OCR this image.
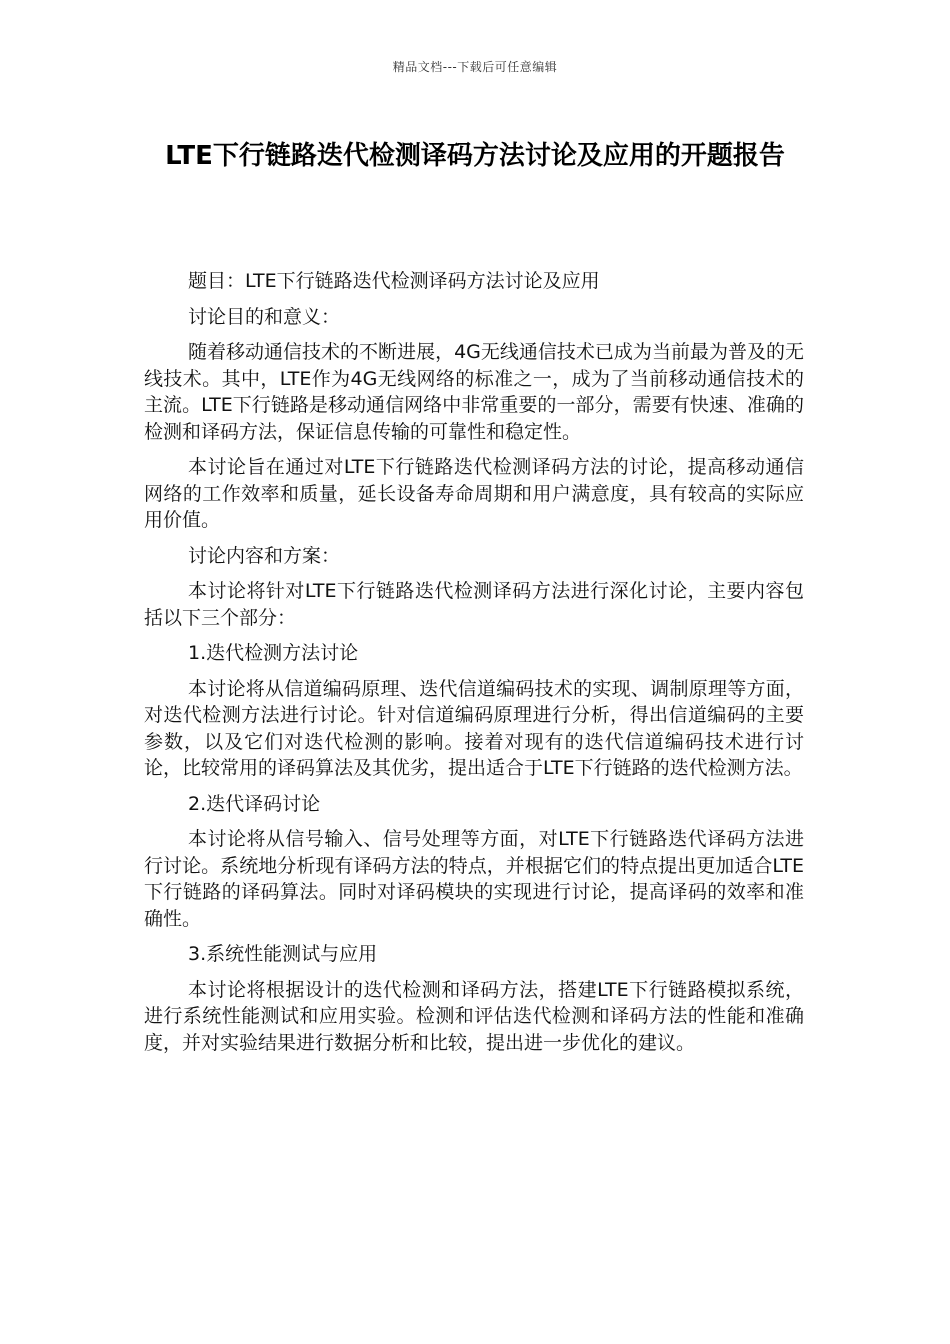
精品文档---下载后可任意编辑
LTE下行链路迭代检测译码方法讨论及应用的开题报告

题目：LTE下行链路迭代检测译码方法讨论及应用

讨论目的和意义：

随着移动通信技术的不断进展，4G无线通信技术已成为当前最为普及的无线技术。其中，LTE作为4G无线网络的标准之一，成为了当前移动通信技术的主流。LTE下行链路是移动通信网络中非常重要的一部分，需要有快速、准确的检测和译码方法，保证信息传输的可靠性和稳定性。

本讨论旨在通过对LTE下行链路迭代检测译码方法的讨论，提高移动通信网络的工作效率和质量，延长设备寿命周期和用户满意度，具有较高的实际应用价值。

讨论内容和方案：

本讨论将针对LTE下行链路迭代检测译码方法进行深化讨论，主要内容包括以下三个部分：

1.迭代检测方法讨论

本讨论将从信道编码原理、迭代信道编码技术的实现、调制原理等方面，对迭代检测方法进行讨论。针对信道编码原理进行分析，得出信道编码的主要参数，以及它们对迭代检测的影响。接着对现有的迭代信道编码技术进行讨论，比较常用的译码算法及其优劣，提出适合于LTE下行链路的迭代检测方法。

2.迭代译码讨论

本讨论将从信号输入、信号处理等方面，对LTE下行链路迭代译码方法进行讨论。系统地分析现有译码方法的特点，并根据它们的特点提出更加适合LTE下行链路的译码算法。同时对译码模块的实现进行讨论，提高译码的效率和准确性。

3.系统性能测试与应用

本讨论将根据设计的迭代检测和译码方法，搭建LTE下行链路模拟系统，进行系统性能测试和应用实验。检测和评估迭代检测和译码方法的性能和准确度，并对实验结果进行数据分析和比较，提出进一步优化的建议。
